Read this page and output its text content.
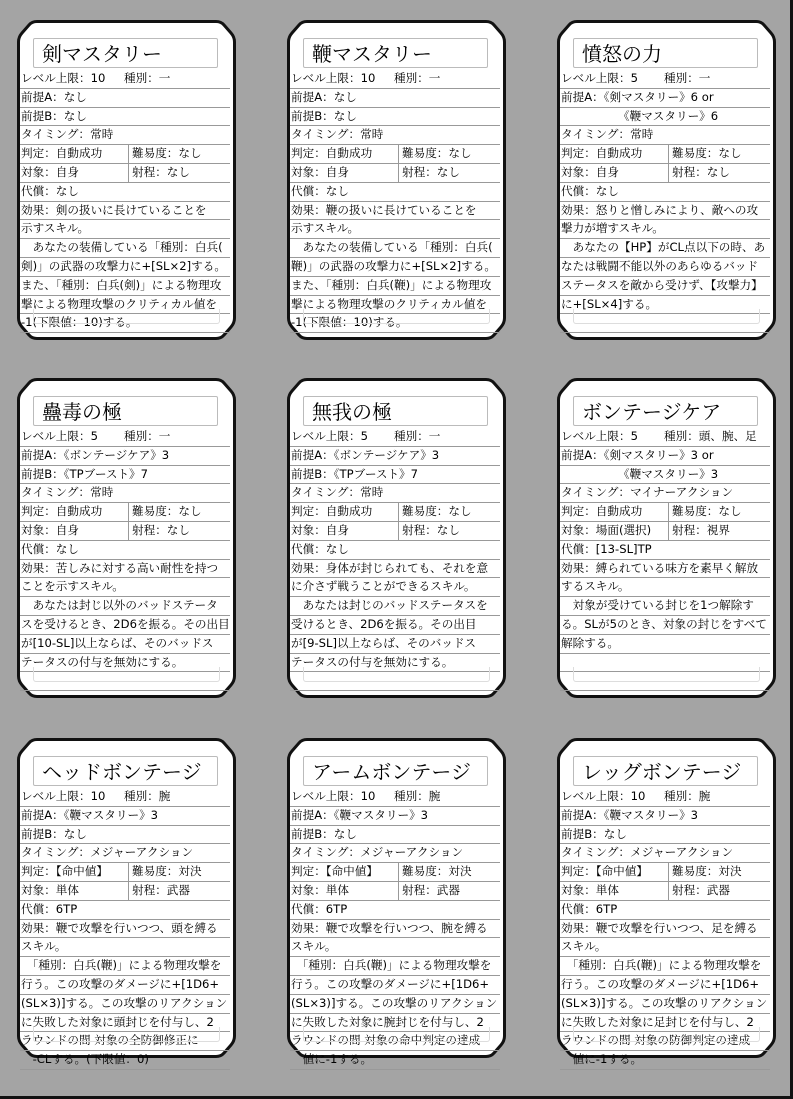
剣マスタリー
レベル上限：10 種別：一
前提A：なし
前提B：なし
タイミング：常時
判定：自動成功	難易度：なし
対象：自身	射程：なし
代償：なし
効果：剣の扱いに長けていることを
示すスキル。
　あなたの装備している「種別：白兵(
剣)」の武器の攻撃力に+[SL×2]する。
また、「種別：白兵(剣)」による物理攻
撃による物理攻撃のクリティカル値を
-1(下限値：10)する。
鞭マスタリー
レベル上限：10 種別：一
前提A：なし
前提B：なし
タイミング：常時
判定：自動成功	難易度：なし
対象：自身	射程：なし
代償：なし
効果：鞭の扱いに長けていることを
示すスキル。
　あなたの装備している「種別：白兵(
鞭)」の武器の攻撃力に+[SL×2]する。
また、「種別：白兵(鞭)」による物理攻
撃による物理攻撃のクリティカル値を
-1(下限値：10)する。
憤怒の力
レベル上限：5 種別：一
前提A：《剣マスタリー》6 or
《鞭マスタリー》6
タイミング：常時
判定：自動成功	難易度：なし
対象：自身	射程：なし
代償：なし
効果：怒りと憎しみにより、敵への攻
撃力が増すスキル。
　あなたの【HP】がCL点以下の時、あ
なたは戦闘不能以外のあらゆるバッド
ステータスを敵から受けず、【攻撃力】
に+[SL×4]する。
蠱毒の極
レベル上限：5 種別：一
前提A：《ボンテージケア》3
前提B：《TPブースト》7
タイミング：常時
判定：自動成功	難易度：なし
対象：自身	射程：なし
代償：なし
効果：苦しみに対する高い耐性を持つ
ことを示すスキル。
　あなたは封じ以外のバッドステータ
スを受けるとき、2D6を振る。その出目
が[10-SL]以上ならば、そのバッドス
テータスの付与を無効にする。
無我の極
レベル上限：5 種別：一
前提A：《ボンテージケア》3
前提B：《TPブースト》7
タイミング：常時
判定：自動成功	難易度：なし
対象：自身	射程：なし
代償：なし
効果：身体が封じられても、それを意
に介さず戦うことができるスキル。
　あなたは封じのバッドステータスを
受けるとき、2D6を振る。その出目
が[9-SL]以上ならば、そのバッドス
テータスの付与を無効にする。
ボンテージケア
レベル上限：5 種別：頭、腕、足
前提A：《剣マスタリー》3 or
《鞭マスタリー》3
タイミング：マイナーアクション
判定：自動成功	難易度：なし
対象：場面(選択)	射程：視界
代償：[13-SL]TP
効果：縛られている味方を素早く解放
するスキル。
　対象が受けている封じを1つ解除す
る。SLが5のとき、対象の封じをすべて
解除する。
ヘッドボンテージ
レベル上限：10 種別：腕
前提A：《鞭マスタリー》3
前提B：なし
タイミング：メジャーアクション
判定：【命中値】	難易度：対決
対象：単体	射程：武器
代償：6TP
効果：鞭で攻撃を行いつつ、頭を縛る
スキル。
　「種別：白兵(鞭)」による物理攻撃を
行う。この攻撃のダメージに+[1D6+
(SL×3)]する。この攻撃のリアクション
に失敗した対象に頭封じを付与し、2
ラウンドの間 対象の全防御修正に
　-CLする。(下限値：0)
アームボンテージ
レベル上限：10 種別：腕
前提A：《鞭マスタリー》3
前提B：なし
タイミング：メジャーアクション
判定：【命中値】	難易度：対決
対象：単体	射程：武器
代償：6TP
効果：鞭で攻撃を行いつつ、腕を縛る
スキル。
　「種別：白兵(鞭)」による物理攻撃を
行う。この攻撃のダメージに+[1D6+
(SL×3)]する。この攻撃のリアクション
に失敗した対象に腕封じを付与し、2
ラウンドの間 対象の命中判定の達成
　値に-1する。
レッグボンテージ
レベル上限：10 種別：腕
前提A：《鞭マスタリー》3
前提B：なし
タイミング：メジャーアクション
判定：【命中値】	難易度：対決
対象：単体	射程：武器
代償：6TP
効果：鞭で攻撃を行いつつ、足を縛る
スキル。
　「種別：白兵(鞭)」による物理攻撃を
行う。この攻撃のダメージに+[1D6+
(SL×3)]する。この攻撃のリアクション
に失敗した対象に足封じを付与し、2
ラウンドの間 対象の防御判定の達成
　値に-1する。
